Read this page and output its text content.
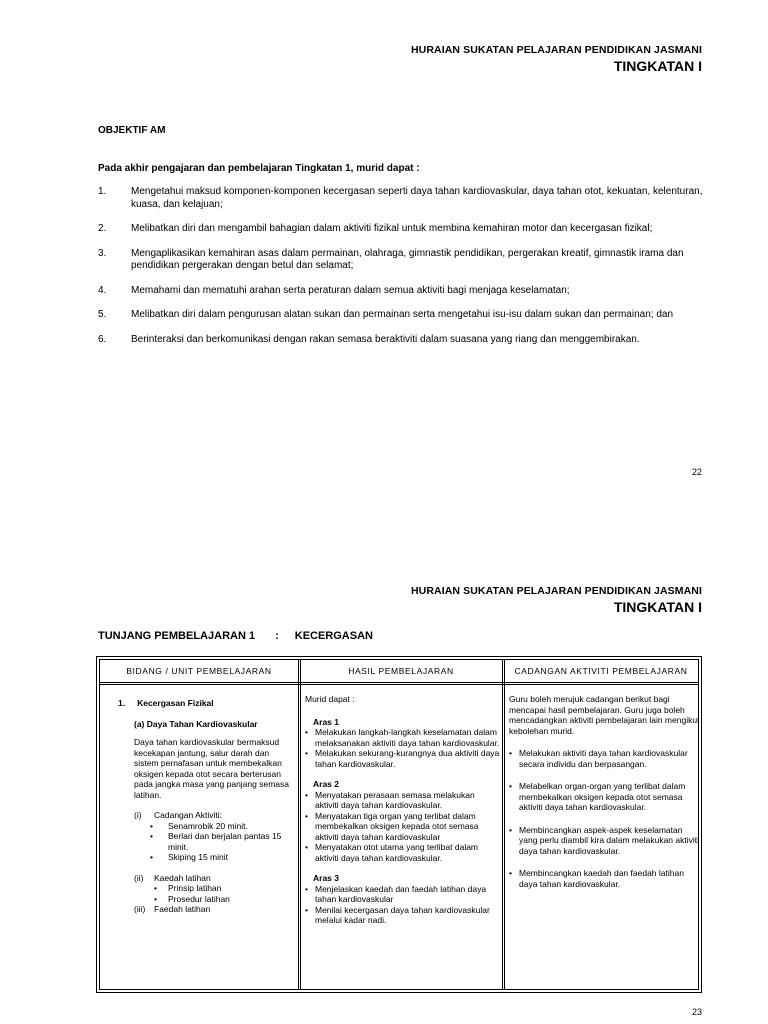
HURAIAN SUKATAN PELAJARAN PENDIDIKAN JASMANI
TINGKATAN I
OBJEKTIF AM
Pada akhir pengajaran dan pembelajaran Tingkatan 1, murid dapat :
1. Mengetahui maksud komponen-komponen kecergasan seperti daya tahan kardiovaskular, daya tahan otot, kekuatan, kelenturan, kuasa, dan kelajuan;
2. Melibatkan diri dan mengambil bahagian dalam aktiviti fizikal untuk membina kemahiran motor dan kecergasan fizikal;
3. Mengaplikasikan kemahiran asas dalam permainan, olahraga, gimnastik pendidikan, pergerakan kreatif, gimnastik irama dan pendidikan pergerakan dengan betul dan selamat;
4. Memahami dan mematuhi arahan serta peraturan dalam semua aktiviti bagi menjaga keselamatan;
5. Melibatkan diri dalam pengurusan alatan sukan dan permainan serta mengetahui isu-isu dalam sukan dan permainan; dan
6. Berinteraksi dan berkomunikasi dengan rakan semasa beraktiviti dalam suasana yang riang dan menggembirakan.
22
HURAIAN SUKATAN PELAJARAN PENDIDIKAN JASMANI
TINGKATAN I
TUNJANG PEMBELAJARAN 1 : KECERGASAN
BIDANG / UNIT PEMBELAJARAN	HASIL PEMBELAJARAN	CADANGAN AKTIVITI PEMBELAJARAN
1. Kecergasan Fizikal
(a) Daya Tahan Kardiovaskular
Daya tahan kardiovaskular bermaksud kecekapan jantung, salur darah dan sistem pernafasan untuk membekalkan oksigen kepada otot secara berterusan pada jangka masa yang panjang semasa latihan.
(i) Cadangan Aktiviti:
• Senamrobik 20 minit.
• Berlari dan berjalan pantas 15 minit.
• Skiping 15 minit
(ii) Kaedah latihan
• Prinsip latihan
• Prosedur latihan
(iii) Faedah latihan
Murid dapat :
Aras 1
• Melakukan langkah-langkah keselamatan dalam melaksanakan aktiviti daya tahan kardiovaskular.
• Melakukan sekurang-kurangnya dua aktiviti daya tahan kardiovaskular.
Aras 2
• Menyatakan perasaan semasa melakukan aktiviti daya tahan kardiovaskular.
• Menyatakan tiga organ yang terlibat dalam membekalkan oksigen kepada otot semasa aktiviti daya tahan kardiovaskular
• Menyatakan otot utama yang terlibat dalam aktiviti daya tahan kardiovaskular.
Aras 3
• Menjelaskan kaedah dan faedah latihan daya tahan kardiovaskular
• Menilai kecergasan daya tahan kardiovaskular melalui kadar nadi.
Guru boleh merujuk cadangan berikut bagi mencapai hasil pembelajaran. Guru juga boleh mencadangkan aktiviti pembelajaran lain mengikut kebolehan murid.
• Melakukan aktiviti daya tahan kardiovaskular secara individu dan berpasangan.
• Melabelkan organ-organ yang terlibat dalam membekalkan oksigen kepada otot semasa aktiviti daya tahan kardiovaskular.
• Membincangkan aspek-aspek keselamatan yang perlu diambil kira dalam melakukan aktiviti daya tahan kardiovaskular.
• Membincangkan kaedah dan faedah latihan daya tahan kardiovaskular.
23
